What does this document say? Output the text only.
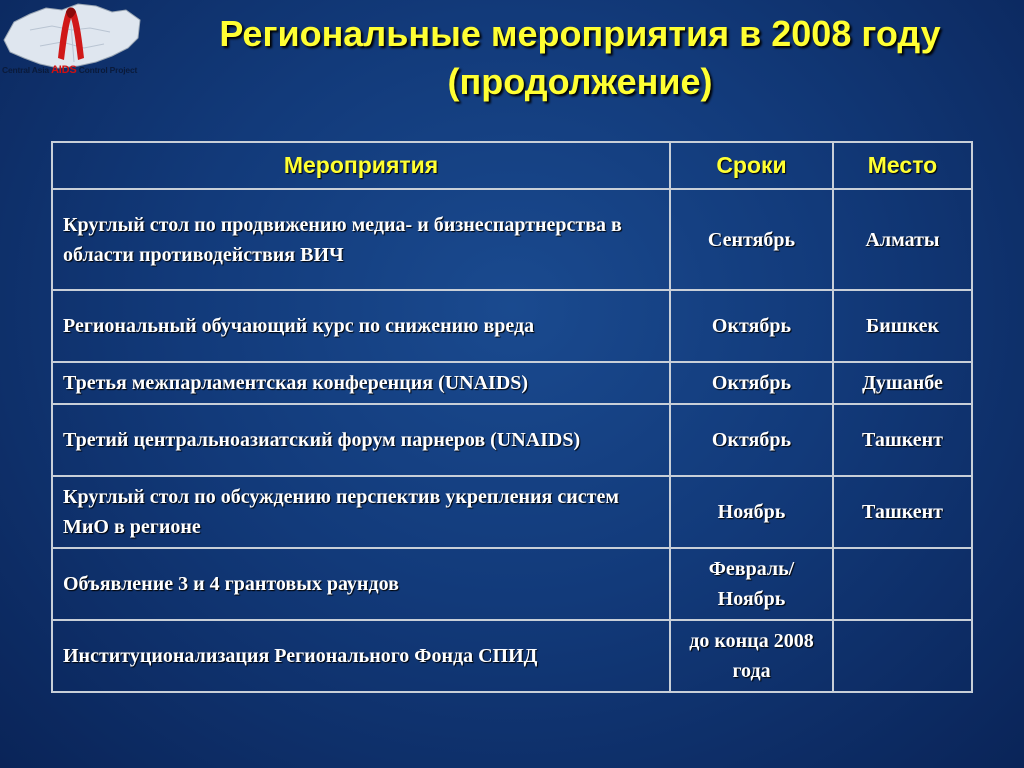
Central Asia AIDS Control Project
Региональные мероприятия в 2008 году
(продолжение)
Мероприятия	Сроки	Место
Круглый стол по продвижению медиа- и бизнеспартнерства в области противодействия ВИЧ	Сентябрь	Алматы
Региональный обучающий курс по снижению вреда	Октябрь	Бишкек
Третья межпарламентская конференция (UNAIDS)	Октябрь	Душанбе
Третий центральноазиатский форум парнеров (UNAIDS)	Октябрь	Ташкент
Круглый стол по обсуждению перспектив укрепления систем МиО в регионе	Ноябрь	Ташкент
Объявление 3 и 4 грантовых раундов	Февраль/ Ноябрь	
Институционализация Регионального Фонда СПИД	до конца 2008 года	
